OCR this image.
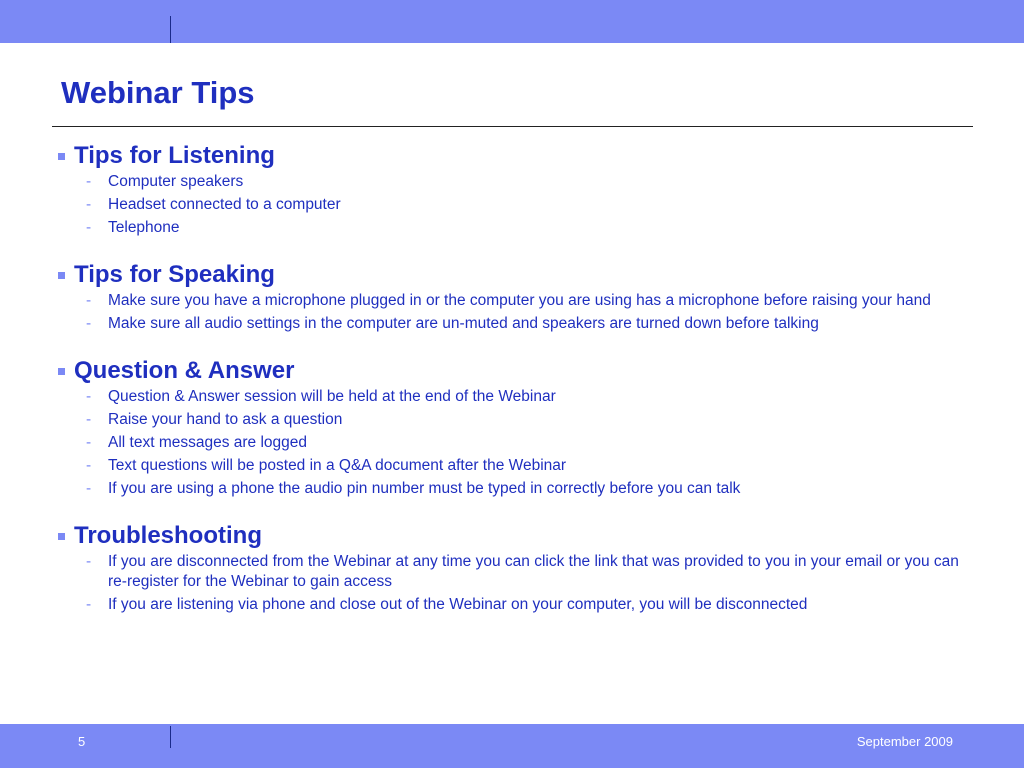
Webinar Tips
Tips for Listening
-	Computer speakers
-	Headset connected to a computer
-	Telephone
Tips for Speaking
-	Make sure you have a microphone plugged in or the computer you are using has a microphone before raising your hand
-	Make sure all audio settings in the computer are un-muted and speakers are turned down before talking
Question & Answer
-	Question & Answer session will be held at the end of the Webinar
-	Raise your hand to ask a question
-	All text messages are logged
-	Text questions will be posted in a Q&A document after the Webinar
-	If you are using a phone the audio pin number must be typed in correctly before you can talk
Troubleshooting
-	If you are disconnected from the Webinar at any time you can click the link that was provided to you in your email or you can re-register for the Webinar to gain access
-	If you are listening via phone and close out of the Webinar on your computer, you will be disconnected
5	September 2009
